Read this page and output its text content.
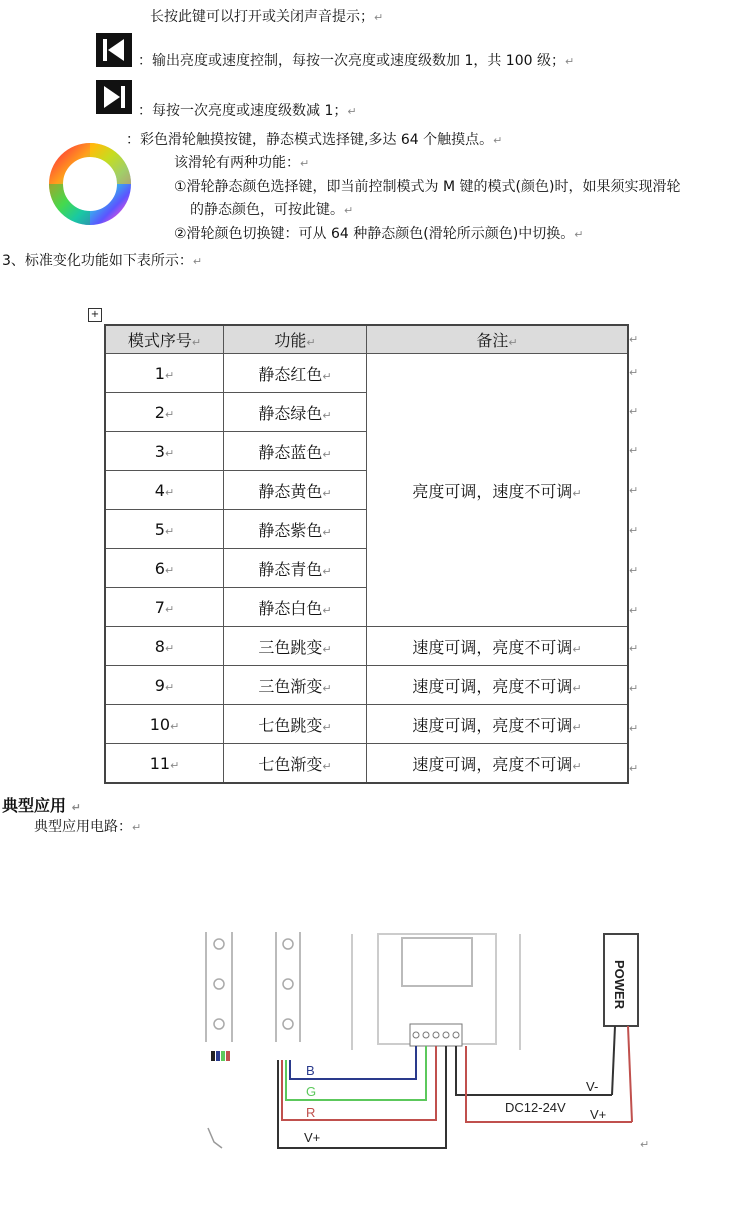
长按此键可以打开或关闭声音提示；↵
：输出亮度或速度控制，每按一次亮度或速度级数加 1，共 100 级；↵
：每按一次亮度或速度级数减 1；↵
：彩色滑轮触摸按键，静态模式选择键,多达 64 个触摸点。↵
该滑轮有两种功能：↵
①滑轮静态颜色选择键，即当前控制模式为 M 键的模式(颜色)时，如果须实现滑轮
的静态颜色，可按此键。↵
②滑轮颜色切换键：可从 64 种静态颜色(滑轮所示颜色)中切换。↵
3、标准变化功能如下表所示：↵
+
模式序号↵	功能↵	备注↵
1↵	静态红色↵	亮度可调，速度不可调↵
2↵	静态绿色↵	
3↵	静态蓝色↵	
4↵	静态黄色↵	
5↵	静态紫色↵	
6↵	静态青色↵	
7↵	静态白色↵	
8↵	三色跳变↵	速度可调，亮度不可调↵
9↵	三色渐变↵	速度可调，亮度不可调↵
10↵	七色跳变↵	速度可调，亮度不可调↵
11↵	七色渐变↵	速度可调，亮度不可调↵
↵
↵
↵
↵
↵
↵
↵
↵
↵
↵
↵
↵
典型应用 ↵
典型应用电路：↵
POWER
B
G
R
V+
V-
DC12-24V V+
↵
